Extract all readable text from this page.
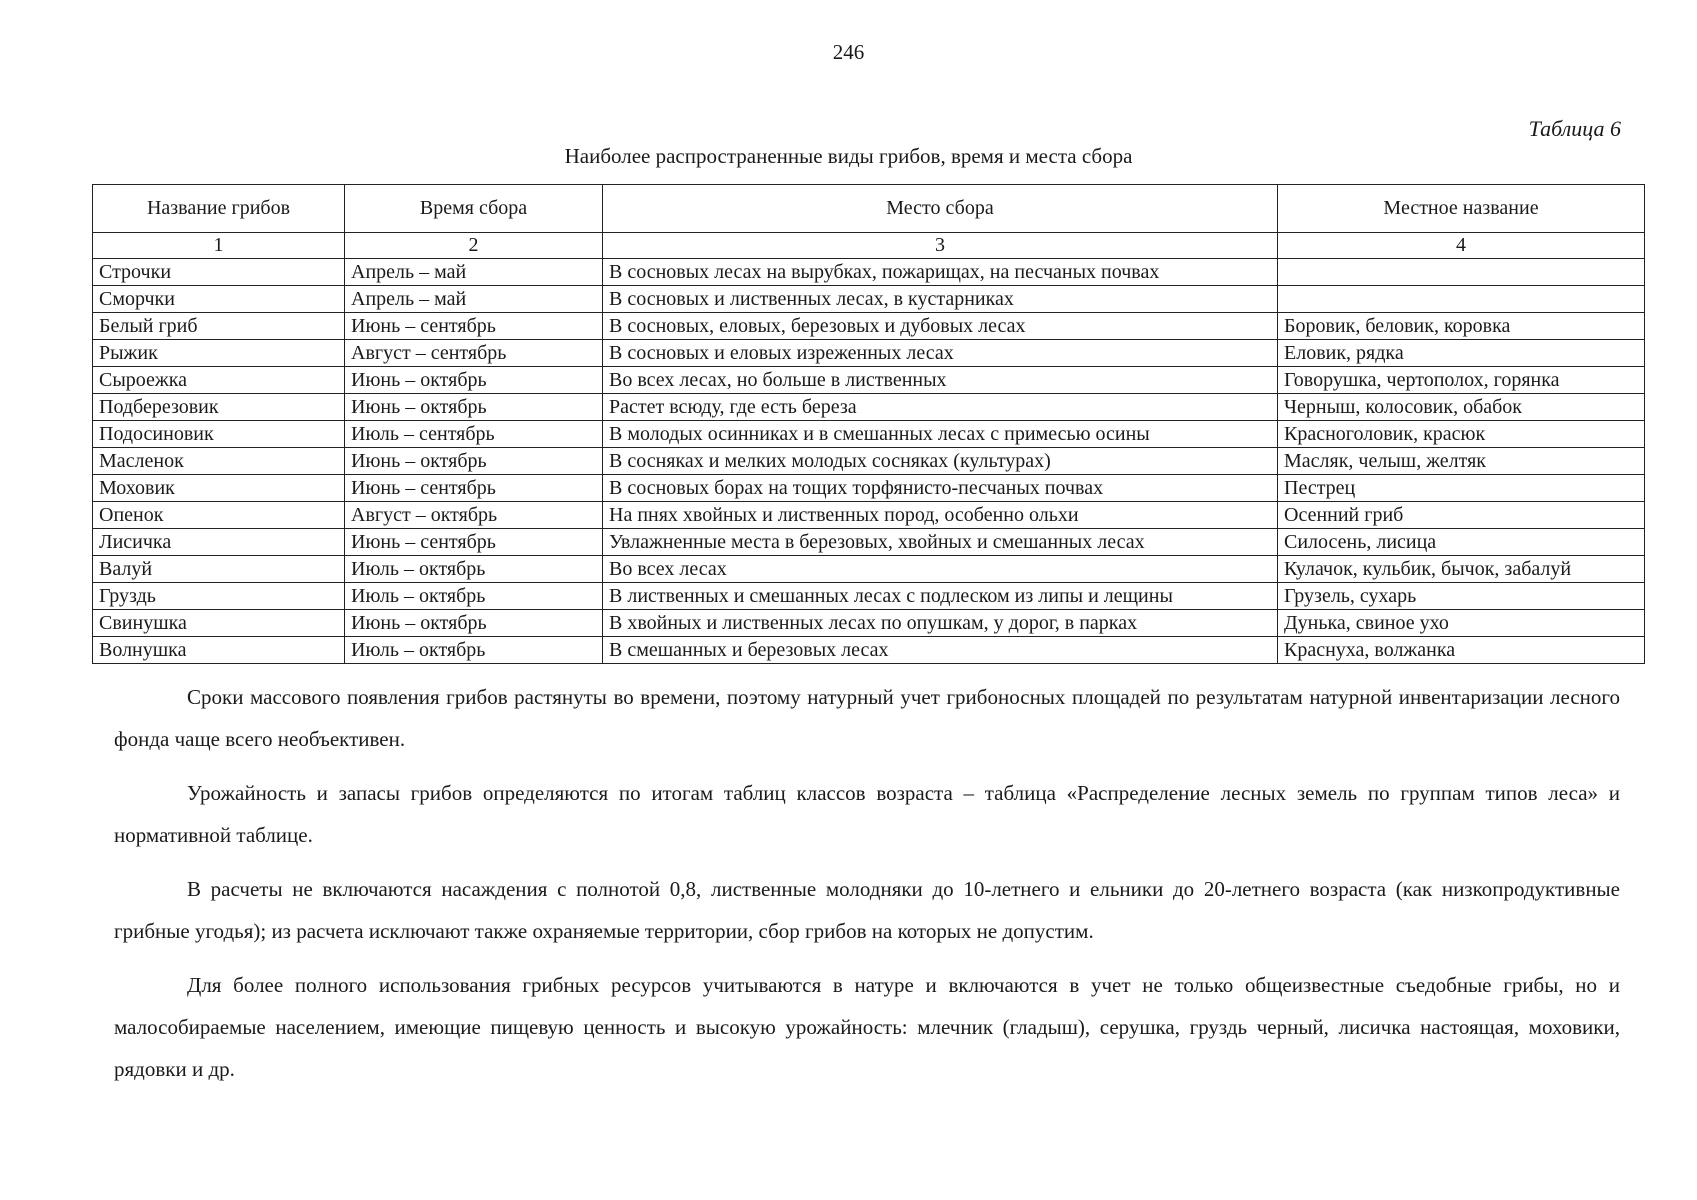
246
Таблица 6
Наиболее распространенные виды грибов, время и места сбора
Название грибов	Время сбора	Место сбора	Местное название
1	2	3	4
Строчки	Апрель – май	В сосновых лесах на вырубках, пожарищах, на песчаных почвах	
Сморчки	Апрель – май	В сосновых и лиственных лесах, в кустарниках	
Белый гриб	Июнь – сентябрь	В сосновых, еловых, березовых и дубовых лесах	Боровик, беловик, коровка
Рыжик	Август – сентябрь	В сосновых и еловых изреженных лесах	Еловик, рядка
Сыроежка	Июнь – октябрь	Во всех лесах, но больше в лиственных	Говорушка, чертополох, горянка
Подберезовик	Июнь – октябрь	Растет всюду, где есть береза	Черныш, колосовик, обабок
Подосиновик	Июль – сентябрь	В молодых осинниках и в смешанных лесах с примесью осины	Красноголовик, красюк
Масленок	Июнь – октябрь	В сосняках и мелких молодых сосняках (культурах)	Масляк, челыш, желтяк
Моховик	Июнь – сентябрь	В сосновых борах на тощих торфянисто-песчаных почвах	Пестрец
Опенок	Август – октябрь	На пнях хвойных и лиственных пород, особенно ольхи	Осенний гриб
Лисичка	Июнь – сентябрь	Увлажненные места в березовых, хвойных и смешанных лесах	Силосень, лисица
Валуй	Июль – октябрь	Во всех лесах	Кулачок, кульбик, бычок, забалуй
Груздь	Июль – октябрь	В лиственных и смешанных лесах с подлеском из липы и лещины	Грузель, сухарь
Свинушка	Июнь – октябрь	В хвойных и лиственных лесах по опушкам, у дорог, в парках	Дунька, свиное ухо
Волнушка	Июль – октябрь	В смешанных и березовых лесах	Краснуха, волжанка

Сроки массового появления грибов растянуты во времени, поэтому натурный учет грибоносных площадей по результатам натурной инвентаризации лесного фонда чаще всего необъективен.

Урожайность и запасы грибов определяются по итогам таблиц классов возраста – таблица «Распределение лесных земель по группам типов леса» и нормативной таблице.

В расчеты не включаются насаждения с полнотой 0,8, лиственные молодняки до 10-летнего и ельники до 20-летнего возраста (как низкопродуктивные грибные угодья); из расчета исключают также охраняемые территории, сбор грибов на которых не допустим.

Для более полного использования грибных ресурсов учитываются в натуре и включаются в учет не только общеизвестные съедобные грибы, но и малособираемые населением, имеющие пищевую ценность и высокую урожайность: млечник (гладыш), серушка, груздь черный, лисичка настоящая, моховики, рядовки и др.
